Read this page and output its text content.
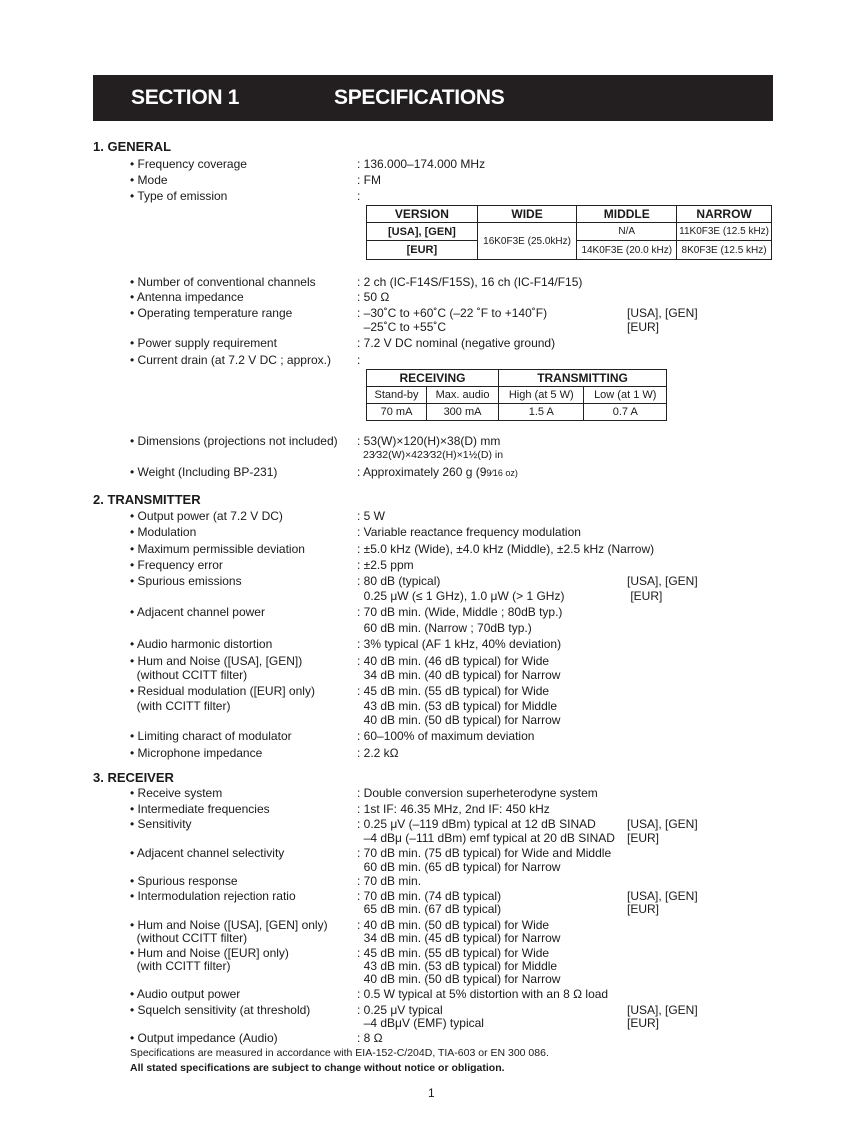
SECTION 1	SPECIFICATIONS
1. GENERAL
• Frequency coverage	: 136.000–174.000 MHz
• Mode	: FM
• Type of emission	:
VERSION	WIDE	MIDDLE	NARROW
[USA], [GEN]	16K0F3E (25.0kHz)	N/A	11K0F3E (12.5 kHz)
[EUR]		14K0F3E (20.0 kHz)	8K0F3E (12.5 kHz)
• Number of conventional channels	: 2 ch (IC-F14S/F15S), 16 ch (IC-F14/F15)
• Antenna impedance	: 50 Ω
• Operating temperature range	: –30˚C to +60˚C (–22 ˚F to +140˚F)	[USA], [GEN]
–25˚C to +55˚C	[EUR]
• Power supply requirement	: 7.2 V DC nominal (negative ground)
• Current drain (at 7.2 V DC ; approx.) :
RECEIVING		TRANSMITTING	
Stand-by	Max. audio	High (at 5 W)	Low (at 1 W)
70 mA	300 mA	1.5 A	0.7 A
• Dimensions (projections not included) : 53(W)×120(H)×38(D) mm
23⁄32(W)×423⁄32(H)×1½(D) in
• Weight (Including BP-231)	: Approximately 260 g (99⁄16 oz)
2. TRANSMITTER
• Output power (at 7.2 V DC)	: 5 W
• Modulation	: Variable reactance frequency modulation
• Maximum permissible deviation	: ±5.0 kHz (Wide), ±4.0 kHz (Middle), ±2.5 kHz (Narrow)
• Frequency error	: ±2.5 ppm
• Spurious emissions	: 80 dB (typical)	[USA], [GEN]
0.25 μW (≤ 1 GHz), 1.0 μW (> 1 GHz)	[EUR]
• Adjacent channel power	: 70 dB min. (Wide, Middle ; 80dB typ.)
60 dB min. (Narrow ; 70dB typ.)
• Audio harmonic distortion	: 3% typical (AF 1 kHz, 40% deviation)
• Hum and Noise ([USA], [GEN])
(without CCITT filter)
: 40 dB min. (46 dB typical) for Wide
34 dB min. (40 dB typical) for Narrow
• Residual modulation ([EUR] only)
(with CCITT filter)
: 45 dB min. (55 dB typical) for Wide
43 dB min. (53 dB typical) for Middle
40 dB min. (50 dB typical) for Narrow
• Limiting charact of modulator	: 60–100% of maximum deviation
• Microphone impedance	: 2.2 kΩ
3. RECEIVER
• Receive system	: Double conversion superheterodyne system
• Intermediate frequencies	: 1st IF: 46.35 MHz, 2nd IF: 450 kHz
• Sensitivity	: 0.25 μV (–119 dBm) typical at 12 dB SINAD	[USA], [GEN]
–4 dBμ (–111 dBm) emf typical at 20 dB SINAD [EUR]
• Adjacent channel selectivity	: 70 dB min. (75 dB typical) for Wide and Middle
60 dB min. (65 dB typical) for Narrow
• Spurious response	: 70 dB min.
• Intermodulation rejection ratio	: 70 dB min. (74 dB typical)	[USA], [GEN]
65 dB min. (67 dB typical)	[EUR]
• Hum and Noise ([USA], [GEN] only)
(without CCITT filter)
: 40 dB min. (50 dB typical) for Wide
34 dB min. (45 dB typical) for Narrow
• Hum and Noise ([EUR] only)
(with CCITT filter)
: 45 dB min. (55 dB typical) for Wide
43 dB min. (53 dB typical) for Middle
40 dB min. (50 dB typical) for Narrow
• Audio output power	: 0.5 W typical at 5% distortion with an 8 Ω load
• Squelch sensitivity (at threshold)	: 0.25 μV typical	[USA], [GEN]
–4 dBμV (EMF) typical	[EUR]
• Output impedance (Audio)	: 8 Ω
Specifications are measured in accordance with EIA-152-C/204D, TIA-603 or EN 300 086.
All stated specifications are subject to change without notice or obligation.
1
